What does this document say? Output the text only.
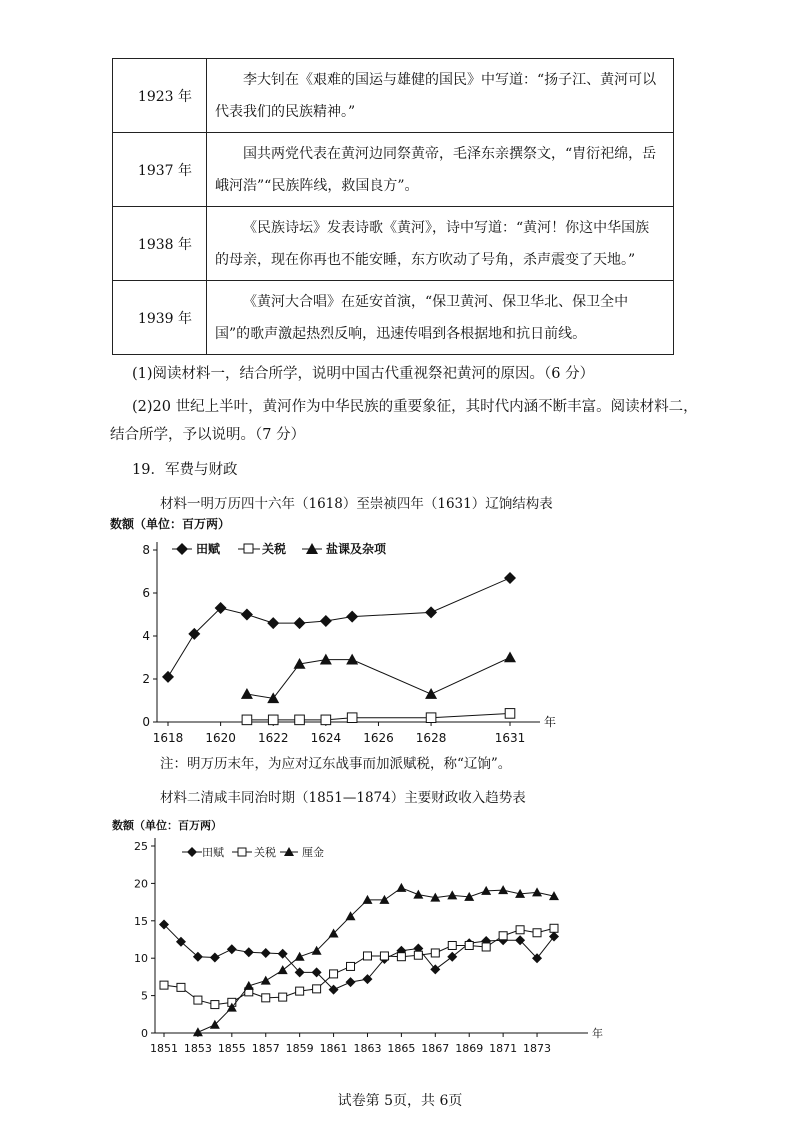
1923 年	李大钊在《艰难的国运与雄健的国民》中写道：“扬子江、黄河可以代表我们的民族精神。”
1937 年	国共两党代表在黄河边同祭黄帝，毛泽东亲撰祭文，“胄衍祀绵，岳峨河浩”“民族阵线，救国良方”。
1938 年	《民族诗坛》发表诗歌《黄河》，诗中写道：“黄河！你这中华国族的母亲，现在你再也不能安睡，东方吹动了号角，杀声震变了天地。”
1939 年	《黄河大合唱》在延安首演，“保卫黄河、保卫华北、保卫全中国”的歌声激起热烈反响，迅速传唱到各根据地和抗日前线。
(1)阅读材料一，结合所学，说明中国古代重视祭祀黄河的原因。（6 分）
(2)20 世纪上半叶，黄河作为中华民族的重要象征，其时代内涵不断丰富。阅读材料二，
结合所学，予以说明。（7 分）
19．军费与财政
材料一明万历四十六年（1618）至崇祯四年（1631）辽饷结构表
数额（单位：百万两）
田赋	关税	盐课及杂项
0
2
4
6
8
1618 1620 1622 1624 1626 1628	1631
年
注：明万历末年，为应对辽东战事而加派赋税，称“辽饷”。
材料二清咸丰同治时期（1851—1874）主要财政收入趋势表
数额（单位：百万两）
田赋	关税 厘金
0
5
10
15
20
25
1851 1853 1855 1857 1859 1861 1863 1865 1867 1869 1871 1873
年
试卷第 5页，共 6页
